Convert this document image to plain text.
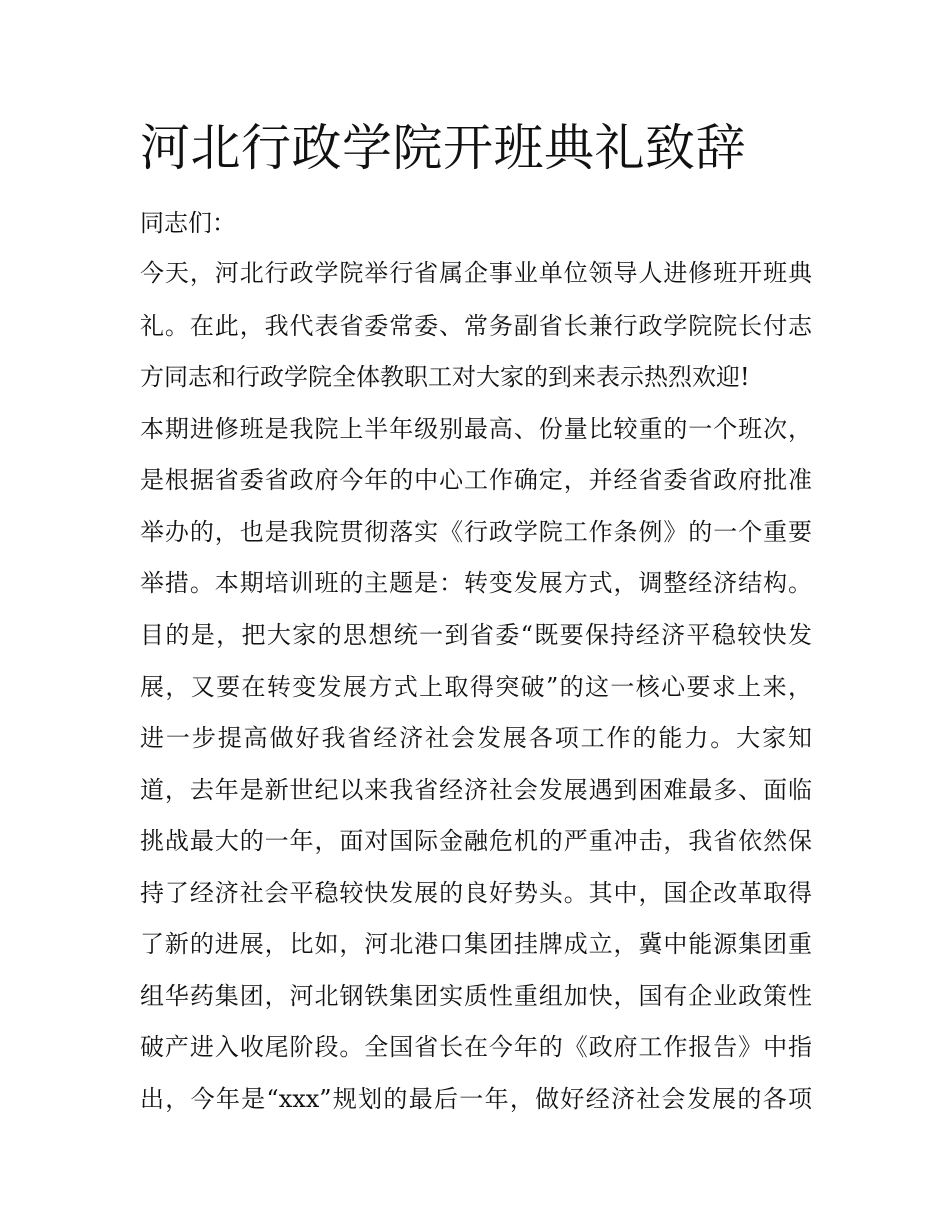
河北行政学院开班典礼致辞

同志们：

今天，河北行政学院举行省属企事业单位领导人进修班开班典

礼。在此，我代表省委常委、常务副省长兼行政学院院长付志

方同志和行政学院全体教职工对大家的到来表示热烈欢迎!

本期进修班是我院上半年级别最高、份量比较重的一个班次，

是根据省委省政府今年的中心工作确定，并经省委省政府批准

举办的，也是我院贯彻落实《行政学院工作条例》的一个重要

举措。本期培训班的主题是：转变发展方式，调整经济结构。

目的是，把大家的思想统一到省委“既要保持经济平稳较快发

展，又要在转变发展方式上取得突破”的这一核心要求上来，

进一步提高做好我省经济社会发展各项工作的能力。大家知

道，去年是新世纪以来我省经济社会发展遇到困难最多、面临

挑战最大的一年，面对国际金融危机的严重冲击，我省依然保

持了经济社会平稳较快发展的良好势头。其中，国企改革取得

了新的进展，比如，河北港口集团挂牌成立，冀中能源集团重

组华药集团，河北钢铁集团实质性重组加快，国有企业政策性

破产进入收尾阶段。全国省长在今年的《政府工作报告》中指

出，今年是“xxx”规划的最后一年，做好经济社会发展的各项
